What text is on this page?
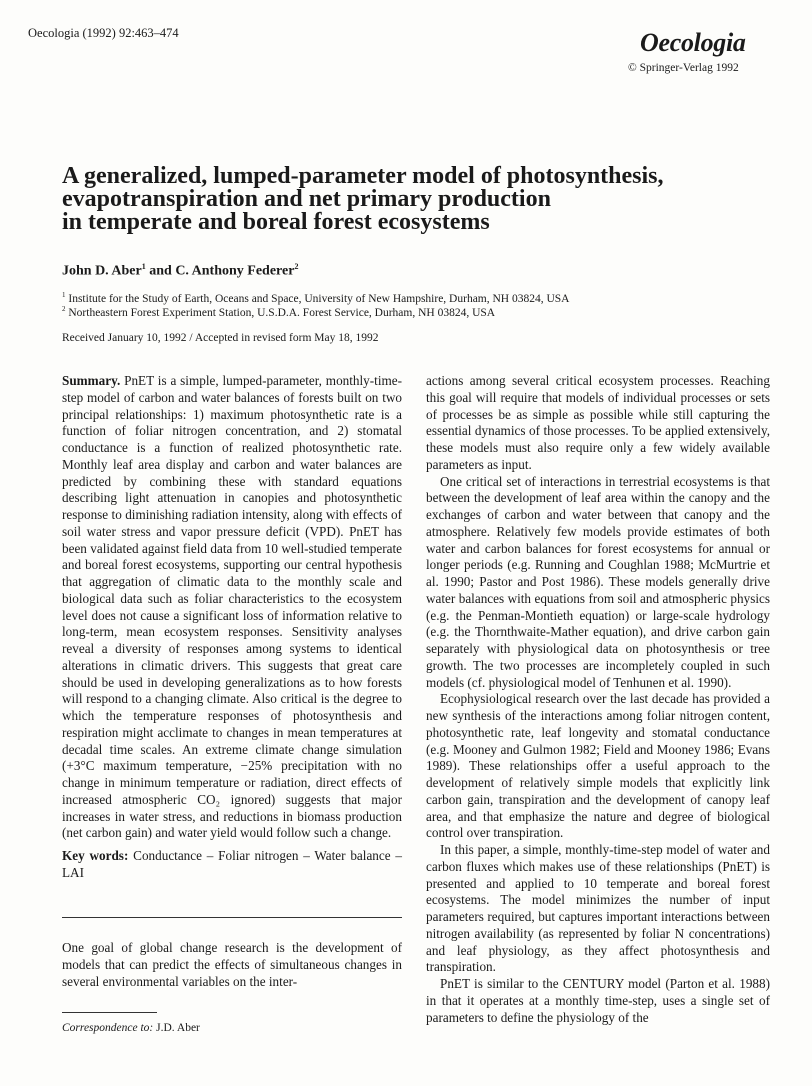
Oecologia (1992) 92:463–474	Oecologia
© Springer-Verlag 1992
A generalized, lumped-parameter model of photosynthesis,
evapotranspiration and net primary production
in temperate and boreal forest ecosystems
John D. Aber$^1$ and C. Anthony Federer$^2$
$^1$ Institute for the Study of Earth, Oceans and Space, University of New Hampshire, Durham, NH 03824, USA
$^2$ Northeastern Forest Experiment Station, U.S.D.A. Forest Service, Durham, NH 03824, USA
Received January 10, 1992 / Accepted in revised form May 18, 1992

Summary. PnET is a simple, lumped-parameter, monthly-time-step model of carbon and water balances of forests built on two principal relationships: 1) maximum photosynthetic rate is a function of foliar nitrogen concentration, and 2) stomatal conductance is a function of realized photosynthetic rate. Monthly leaf area display and carbon and water balances are predicted by combining these with standard equations describing light attenuation in canopies and photosynthetic response to diminishing radiation intensity, along with effects of soil water stress and vapor pressure deficit (VPD). PnET has been validated against field data from 10 well-studied temperate and boreal forest ecosystems, supporting our central hypothesis that aggregation of climatic data to the monthly scale and biological data such as foliar characteristics to the ecosystem level does not cause a significant loss of information relative to long-term, mean ecosystem responses. Sensitivity analyses reveal a diversity of responses among systems to identical alterations in climatic drivers. This suggests that great care should be used in developing generalizations as to how forests will respond to a changing climate. Also critical is the degree to which the temperature responses of photosynthesis and respiration might acclimate to changes in mean temperatures at decadal time scales. An extreme climate change simulation (+3°C maximum temperature, −25% precipitation with no change in minimum temperature or radiation, direct effects of increased atmospheric CO₂ ignored) suggests that major increases in water stress, and reductions in biomass production (net carbon gain) and water yield would follow such a change.

Key words: Conductance – Foliar nitrogen – Water balance – LAI

One goal of global change research is the development of models that can predict the effects of simultaneous changes in several environmental variables on the inter-

Correspondence to: J.D. Aber

actions among several critical ecosystem processes. Reaching this goal will require that models of individual processes or sets of processes be as simple as possible while still capturing the essential dynamics of those processes. To be applied extensively, these models must also require only a few widely available parameters as input.

One critical set of interactions in terrestrial ecosystems is that between the development of leaf area within the canopy and the exchanges of carbon and water between that canopy and the atmosphere. Relatively few models provide estimates of both water and carbon balances for forest ecosystems for annual or longer periods (e.g. Running and Coughlan 1988; McMurtrie et al. 1990; Pastor and Post 1986). These models generally drive water balances with equations from soil and atmospheric physics (e.g. the Penman-Montieth equation) or large-scale hydrology (e.g. the Thornthwaite-Mather equation), and drive carbon gain separately with physiological data on photosynthesis or tree growth. The two processes are incompletely coupled in such models (cf. physiological model of Tenhunen et al. 1990).

Ecophysiological research over the last decade has provided a new synthesis of the interactions among foliar nitrogen content, photosynthetic rate, leaf longevity and stomatal conductance (e.g. Mooney and Gulmon 1982; Field and Mooney 1986; Evans 1989). These relationships offer a useful approach to the development of relatively simple models that explicitly link carbon gain, transpiration and the development of canopy leaf area, and that emphasize the nature and degree of biological control over transpiration.

In this paper, a simple, monthly-time-step model of water and carbon fluxes which makes use of these relationships (PnET) is presented and applied to 10 temperate and boreal forest ecosystems. The model minimizes the number of input parameters required, but captures important interactions between nitrogen availability (as represented by foliar N concentrations) and leaf physiology, as they affect photosynthesis and transpiration.

PnET is similar to the CENTURY model (Parton et al. 1988) in that it operates at a monthly time-step, uses a single set of parameters to define the physiology of the
